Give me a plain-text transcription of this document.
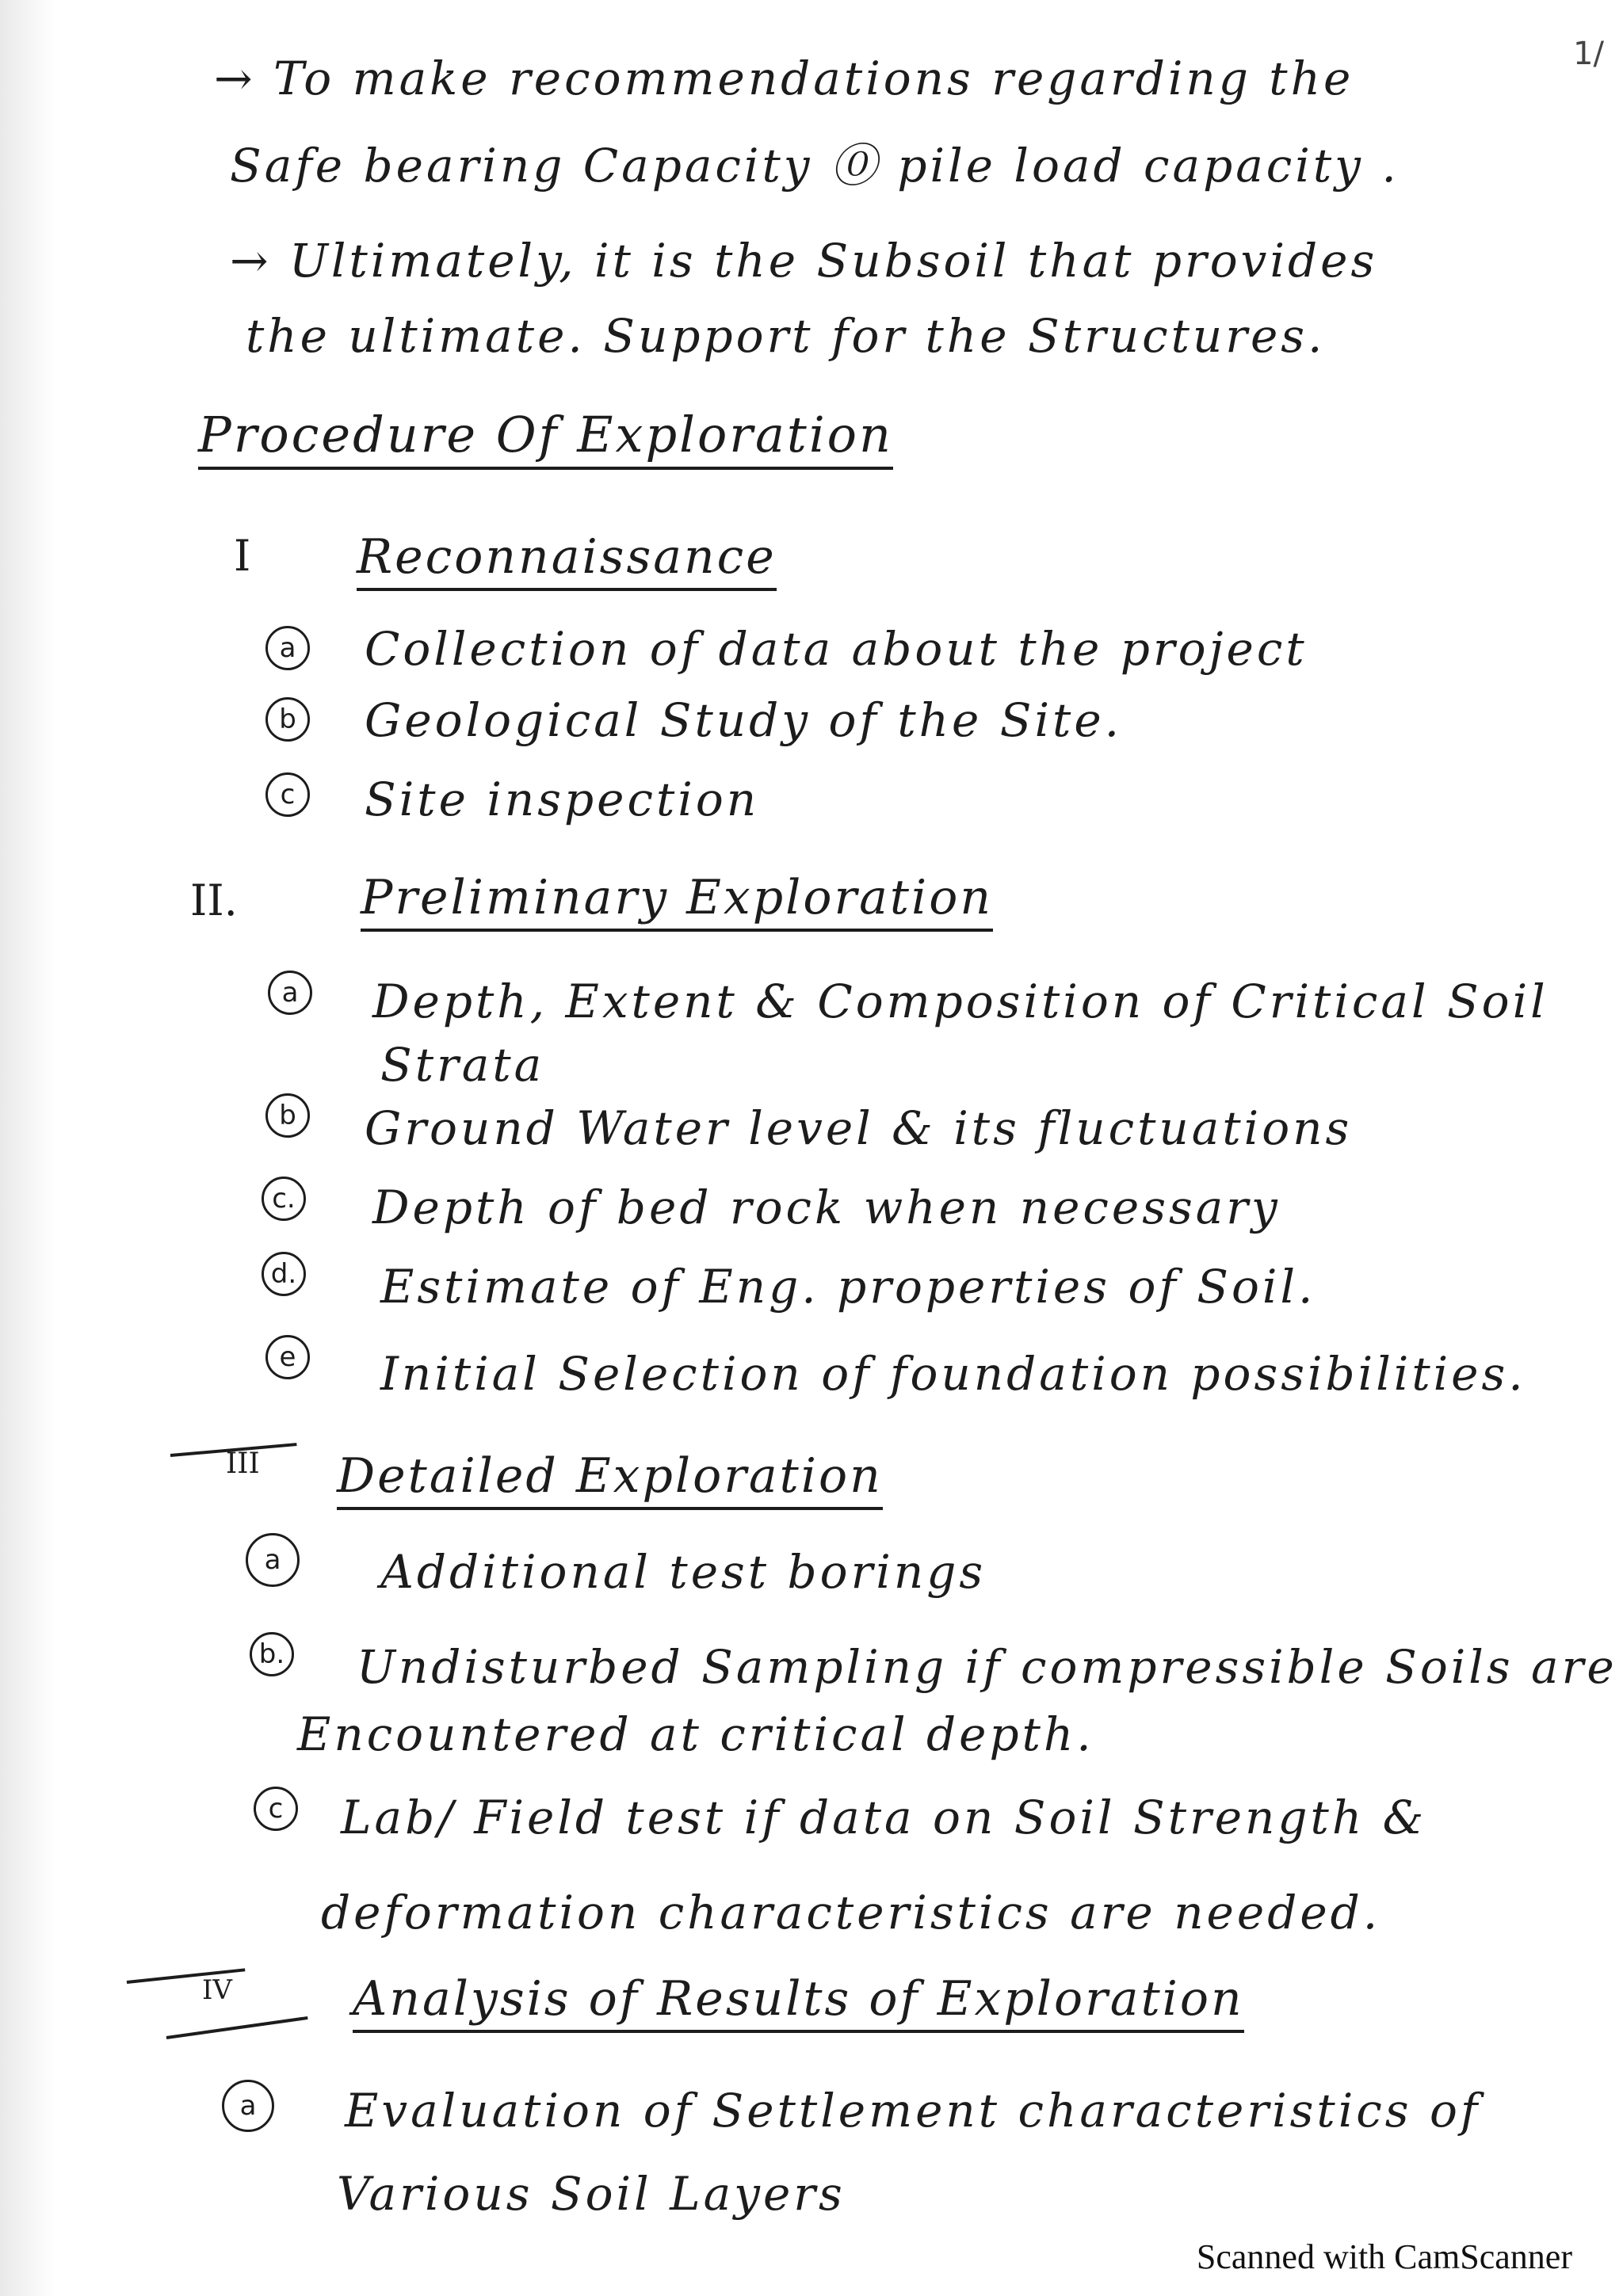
→ To make recommendations regarding the	1/
Safe bearing Capacity ⓪ pile load capacity .
→ Ultimately, it is the Subsoil that provides
the ultimate. Support for the Structures.
Procedure Of Exploration
I Reconnaissance
a	Collection of data about the project
b Geological Study of the Site.
c	Site inspection
II.	Preliminary Exploration
a	Depth, Extent & Composition of Critical Soil
Strata
b Ground Water level & its fluctuations
c. Depth of bed rock when necessary
d. Estimate of Eng. properties of Soil.
e	Initial Selection of foundation possibilities.
III Detailed Exploration
a	Additional test borings
b. Undisturbed Sampling if compressible Soils are
Encountered at critical depth.
c	Lab/ Field test if data on Soil Strength &
deformation characteristics are needed.
IV	Analysis of Results of Exploration
a	Evaluation of Settlement characteristics of
Various Soil Layers
Scanned with CamScanner
